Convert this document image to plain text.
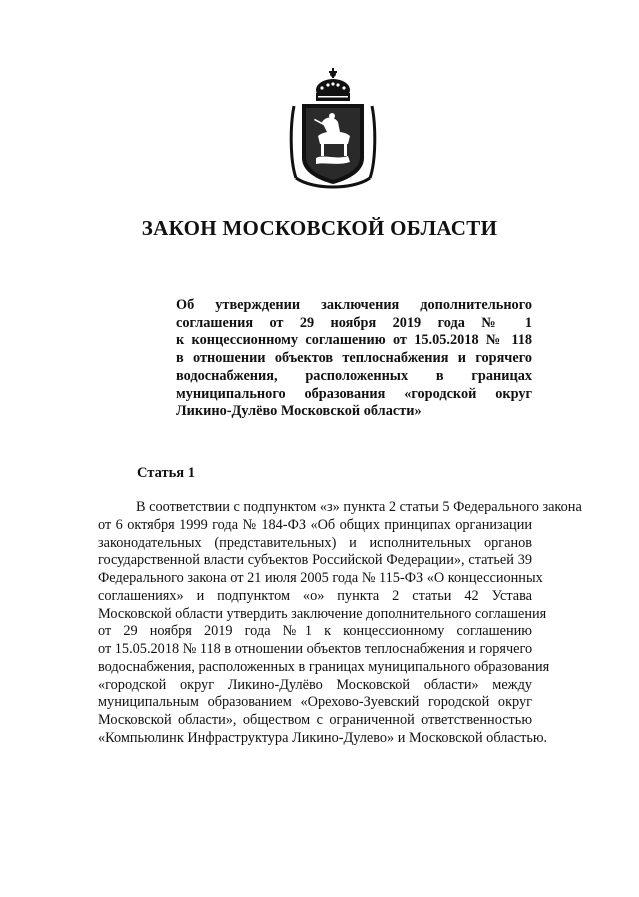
ЗАКОН МОСКОВСКОЙ ОБЛАСТИ
Об утверждении заключения дополнительного
соглашения от 29 ноября 2019 года № 1
к концессионному соглашению от 15.05.2018 № 118
в отношении объектов теплоснабжения и горячего
водоснабжения, расположенных в границах
муниципального образования «городской округ
Ликино-Дулёво Московской области»
Статья 1
В соответствии с подпунктом «з» пункта 2 статьи 5 Федерального закона
от 6 октября 1999 года № 184-ФЗ «Об общих принципах организации
законодательных (представительных) и исполнительных органов
государственной власти субъектов Российской Федерации», статьей 39
Федерального закона от 21 июля 2005 года № 115-ФЗ «О концессионных
соглашениях» и подпунктом «о» пункта 2 статьи 42 Устава
Московской области утвердить заключение дополнительного соглашения
от 29 ноября 2019 года №1 к концессионному соглашению
от 15.05.2018 № 118 в отношении объектов теплоснабжения и горячего
водоснабжения, расположенных в границах муниципального образования
«городской округ Ликино-Дулёво Московской области» между
муниципальным образованием «Орехово-Зуевский городской округ
Московской области», обществом с ограниченной ответственностью
«Компьюлинк Инфраструктура Ликино-Дулево» и Московской областью.
